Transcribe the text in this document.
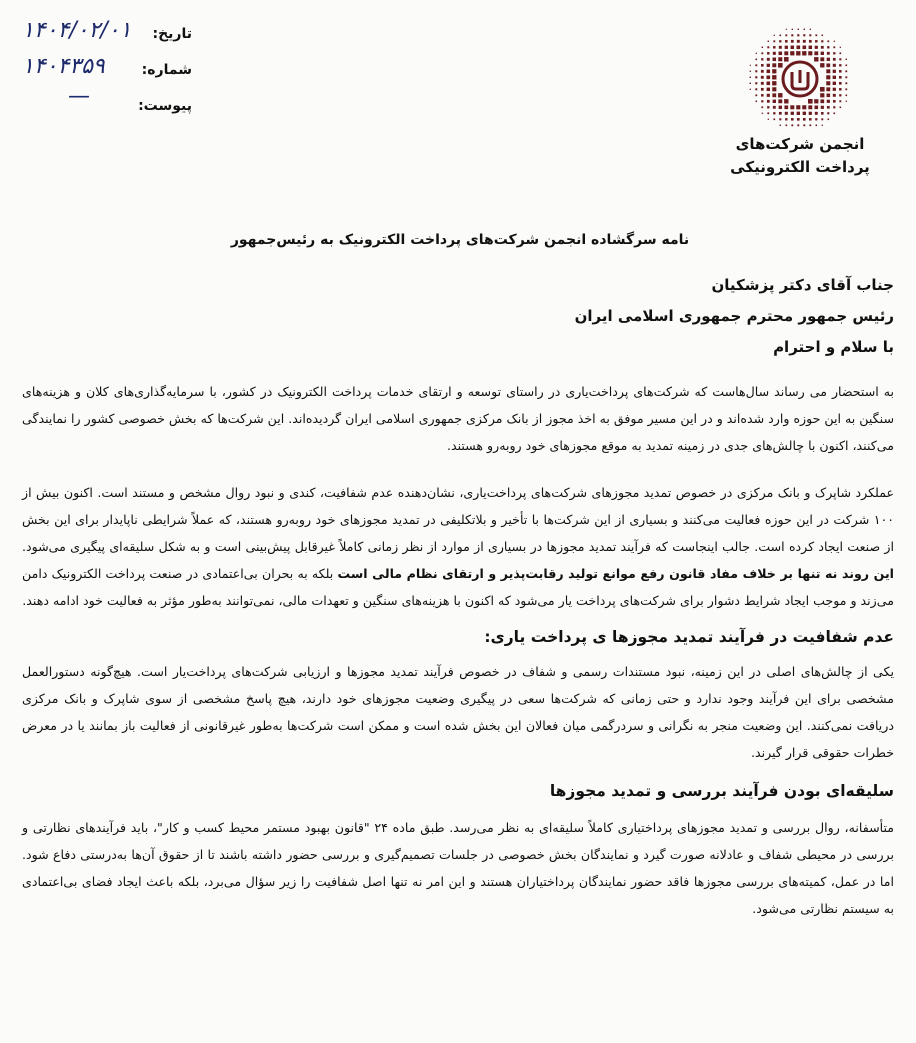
۱۴۰۴/۰۲/۰۱ تاریخ:
۱۴۰۴۳۵۹	شماره:
—	پیوست:
انجمن شرکت‌های
پرداخت الکترونیکی
نامه سرگشاده انجمن شرکت‌های پرداخت الکترونیک به رئیس‌جمهور
جناب آقای دکتر پزشکیان
رئیس جمهور محترم جمهوری اسلامی ایران
با سلام و احترام

به استحضار می رساند سال‌هاست که شرکت‌های پرداخت‌یاری در راستای توسعه و ارتقای خدمات پرداخت الکترونیک در کشور، با سرمایه‌گذاری‌های کلان و هزینه‌های سنگین به این حوزه وارد شده‌اند و در این مسیر موفق به اخذ مجوز از بانک مرکزی جمهوری اسلامی ایران گردیده‌اند. این شرکت‌ها که بخش خصوصی کشور را نمایندگی می‌کنند، اکنون با چالش‌های جدی در زمینه تمدید به موقع مجوزهای خود روبه‌رو هستند.

عملکرد شاپرک و بانک مرکزی در خصوص تمدید مجوزهای شرکت‌های پرداخت‌یاری، نشان‌دهنده عدم شفافیت، کندی و نبود روال مشخص و مستند است. اکنون بیش از ۱۰۰ شرکت در این حوزه فعالیت می‌کنند و بسیاری از این شرکت‌ها با تأخیر و بلاتکلیفی در تمدید مجوزهای خود روبه‌رو هستند، که عملاً شرایطی ناپایدار برای این بخش از صنعت ایجاد کرده است. جالب اینجاست که فرآیند تمدید مجوزها در بسیاری از موارد از نظر زمانی کاملاً غیرقابل پیش‌بینی است و به شکل سلیقه‌ای پیگیری می‌شود. این روند نه تنها بر خلاف مفاد قانون رفع موانع تولید رقابت‌پذیر و ارتقای نظام مالی است بلکه به بحران بی‌اعتمادی در صنعت پرداخت الکترونیک دامن می‌زند و موجب ایجاد شرایط دشوار برای شرکت‌های پرداخت یار می‌شود که اکنون با هزینه‌های سنگین و تعهدات مالی، نمی‌توانند به‌طور مؤثر به فعالیت خود ادامه دهند.

عدم شفافیت در فرآیند تمدید مجوزها ی پرداخت یاری:

یکی از چالش‌های اصلی در این زمینه، نبود مستندات رسمی و شفاف در خصوص فرآیند تمدید مجوزها و ارزیابی شرکت‌های پرداخت‌یار است. هیچ‌گونه دستورالعمل مشخصی برای این فرآیند وجود ندارد و حتی زمانی که شرکت‌ها سعی در پیگیری وضعیت مجوزهای خود دارند، هیچ پاسخ مشخصی از سوی شاپرک و بانک مرکزی دریافت نمی‌کنند. این وضعیت منجر به نگرانی و سردرگمی میان فعالان این بخش شده است و ممکن است شرکت‌ها به‌طور غیرقانونی از فعالیت باز بمانند یا در معرض خطرات حقوقی قرار گیرند.

سلیقه‌ای بودن فرآیند بررسی و تمدید مجوزها

متأسفانه، روال بررسی و تمدید مجوزهای پرداختیاری کاملاً سلیقه‌ای به نظر می‌رسد. طبق ماده ۲۴ "قانون بهبود مستمر محیط کسب و کار"، باید فرآیندهای نظارتی و بررسی در محیطی شفاف و عادلانه صورت گیرد و نمایندگان بخش خصوصی در جلسات تصمیم‌گیری و بررسی حضور داشته باشند تا از حقوق آن‌ها به‌درستی دفاع شود. اما در عمل، کمیته‌های بررسی مجوزها فاقد حضور نمایندگان پرداختیاران هستند و این امر نه تنها اصل شفافیت را زیر سؤال می‌برد، بلکه باعث ایجاد فضای بی‌اعتمادی به سیستم نظارتی می‌شود.
